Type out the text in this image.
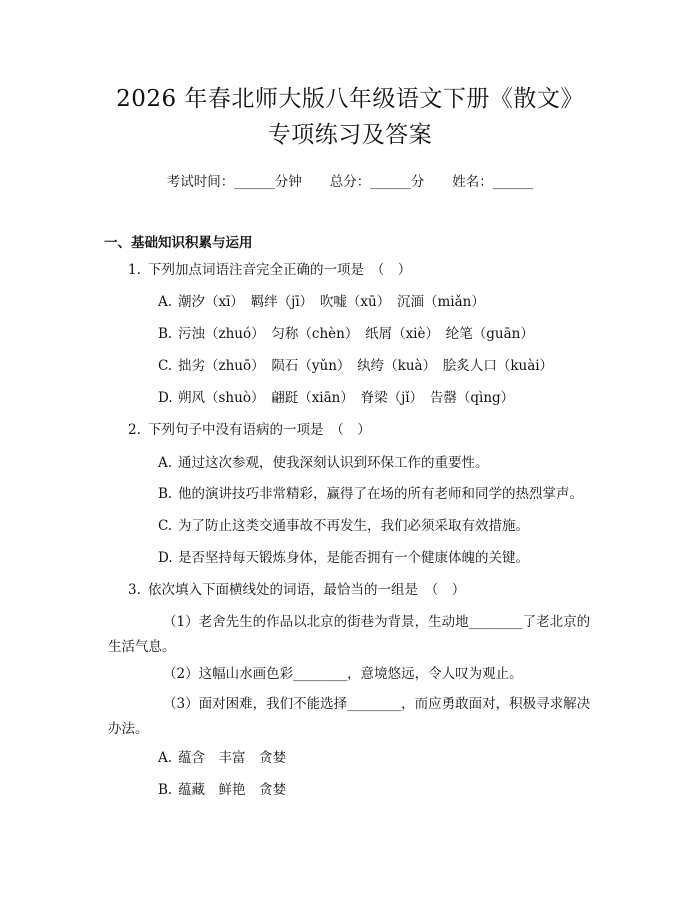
2026 年春北师大版八年级语文下册《散文》
专项练习及答案
考试时间：______分钟 总分：______分 姓名：______
一、基础知识积累与运用
1. 下列加点词语注音完全正确的一项是　（　）
A. 潮汐（xī）　羁绊（jī）　吹嘘（xū）　沉湎（miǎn）
B. 污浊（zhuó）　匀称（chèn）　纸屑（xiè）　纶笔（guān）
C. 拙劣（zhuō）　陨石（yǔn）　纨绔（kuà）　脍炙人口（kuài）
D. 朔风（shuò）　翩跹（xiān）　脊梁（jǐ）　告罄（qìng）
2. 下列句子中没有语病的一项是　（　）
A. 通过这次参观，使我深刻认识到环保工作的重要性。
B. 他的演讲技巧非常精彩，赢得了在场的所有老师和同学的热烈掌声。
C. 为了防止这类交通事故不再发生，我们必须采取有效措施。
D. 是否坚持每天锻炼身体，是能否拥有一个健康体魄的关键。
3. 依次填入下面横线处的词语，最恰当的一组是　（　）
（1）老舍先生的作品以北京的街巷为背景，生动地________了老北京的
生活气息。
（2）这幅山水画色彩________，意境悠远，令人叹为观止。
（3）面对困难，我们不能选择________，而应勇敢面对，积极寻求解决
办法。
A. 蕴含　丰富　贪婪
B. 蕴藏　鲜艳　贪婪
